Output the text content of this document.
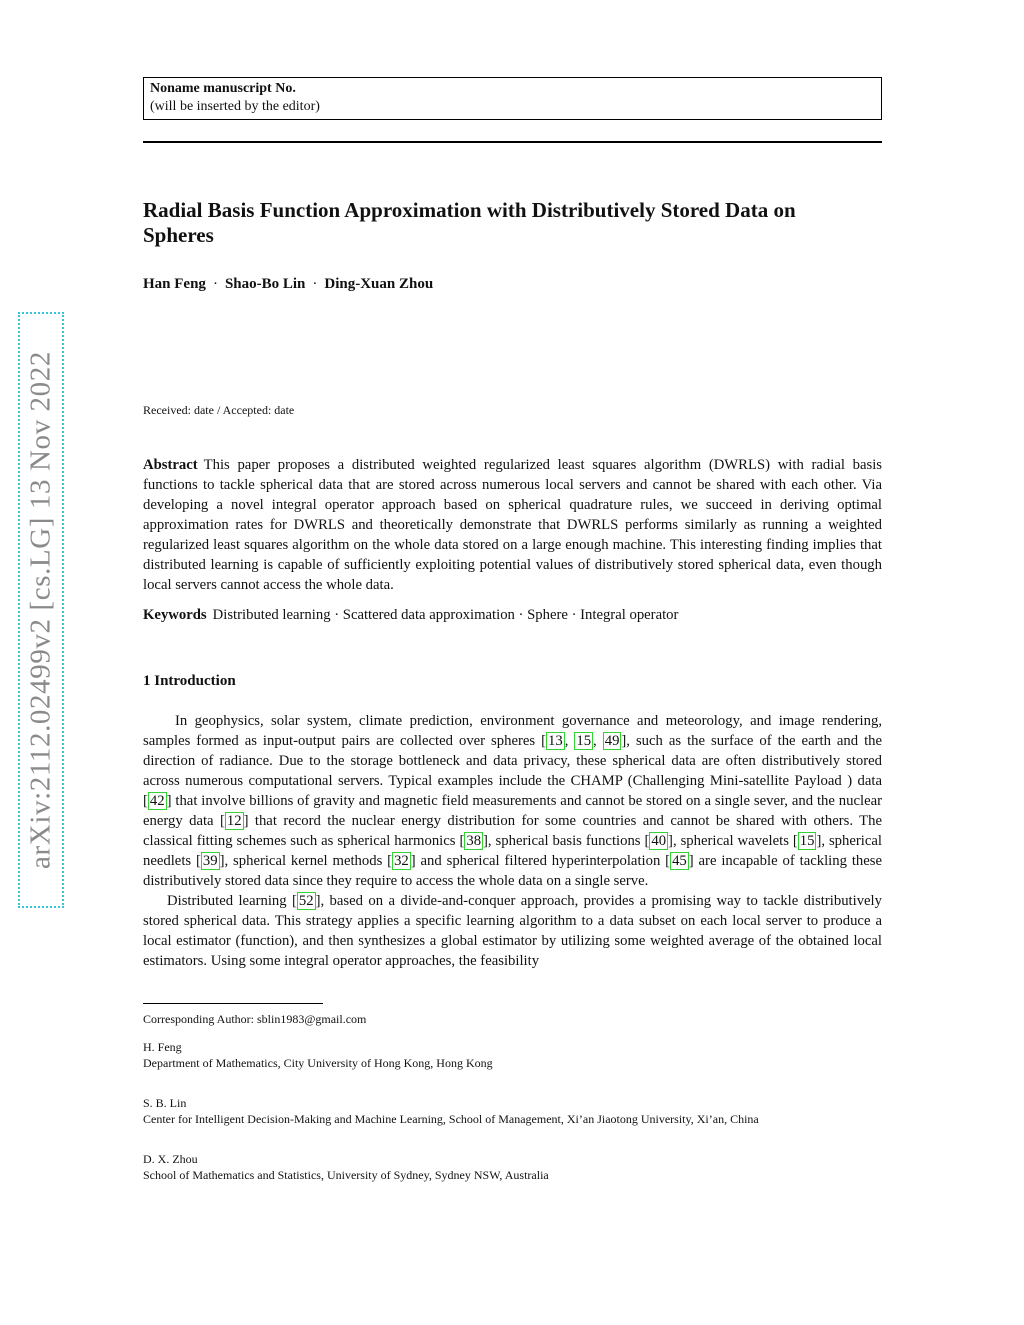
arXiv:2112.02499v2 [cs.LG] 13 Nov 2022
Noname manuscript No.
(will be inserted by the editor)
Radial Basis Function Approximation with Distributively Stored Data on Spheres
Han Feng · Shao-Bo Lin · Ding-Xuan Zhou
Received: date / Accepted: date

Abstract This paper proposes a distributed weighted regularized least squares algorithm (DWRLS) with radial basis functions to tackle spherical data that are stored across numerous local servers and cannot be shared with each other. Via developing a novel integral operator approach based on spherical quadrature rules, we succeed in deriving optimal approximation rates for DWRLS and theoretically demonstrate that DWRLS performs similarly as running a weighted regularized least squares algorithm on the whole data stored on a large enough machine. This interesting finding implies that distributed learning is capable of sufficiently exploiting potential values of distributively stored spherical data, even though local servers cannot access the whole data.

Keywords Distributed learning · Scattered data approximation · Sphere · Integral operator
1 Introduction

In geophysics, solar system, climate prediction, environment governance and meteorology, and image rendering, samples formed as input-output pairs are collected over spheres [ 13 , 15 , 49 ], such as the surface of the earth and the direction of radiance. Due to the storage bottleneck and data privacy, these spherical data are often distributively stored across numerous computational servers. Typical examples include the CHAMP (Challenging Mini-satellite Payload ) data [ 42 ] that involve billions of gravity and magnetic field measurements and cannot be stored on a single sever, and the nuclear energy data [ 12 ] that record the nuclear energy distribution for some countries and cannot be shared with others. The classical fitting schemes such as spherical harmonics [ 38 ], spherical basis functions [ 40 ], spherical wavelets [ 15 ], spherical needlets [ 39 ], spherical kernel methods [ 32 ] and spherical filtered hyperinterpolation [ 45 ] are incapable of tackling these distributively stored data since they require to access the whole data on a single serve.

Distributed learning [ 52 ], based on a divide-and-conquer approach, provides a promising way to tackle distributively stored spherical data. This strategy applies a specific learning algorithm to a data subset on each local server to produce a local estimator (function), and then synthesizes a global estimator by utilizing some weighted average of the obtained local estimators. Using some integral operator approaches, the feasibility

Corresponding Author: sblin1983@gmail.com
H. Feng
Department of Mathematics, City University of Hong Kong, Hong Kong
S. B. Lin
Center for Intelligent Decision-Making and Machine Learning, School of Management, Xi’an Jiaotong University, Xi’an, China
D. X. Zhou
School of Mathematics and Statistics, University of Sydney, Sydney NSW, Australia
